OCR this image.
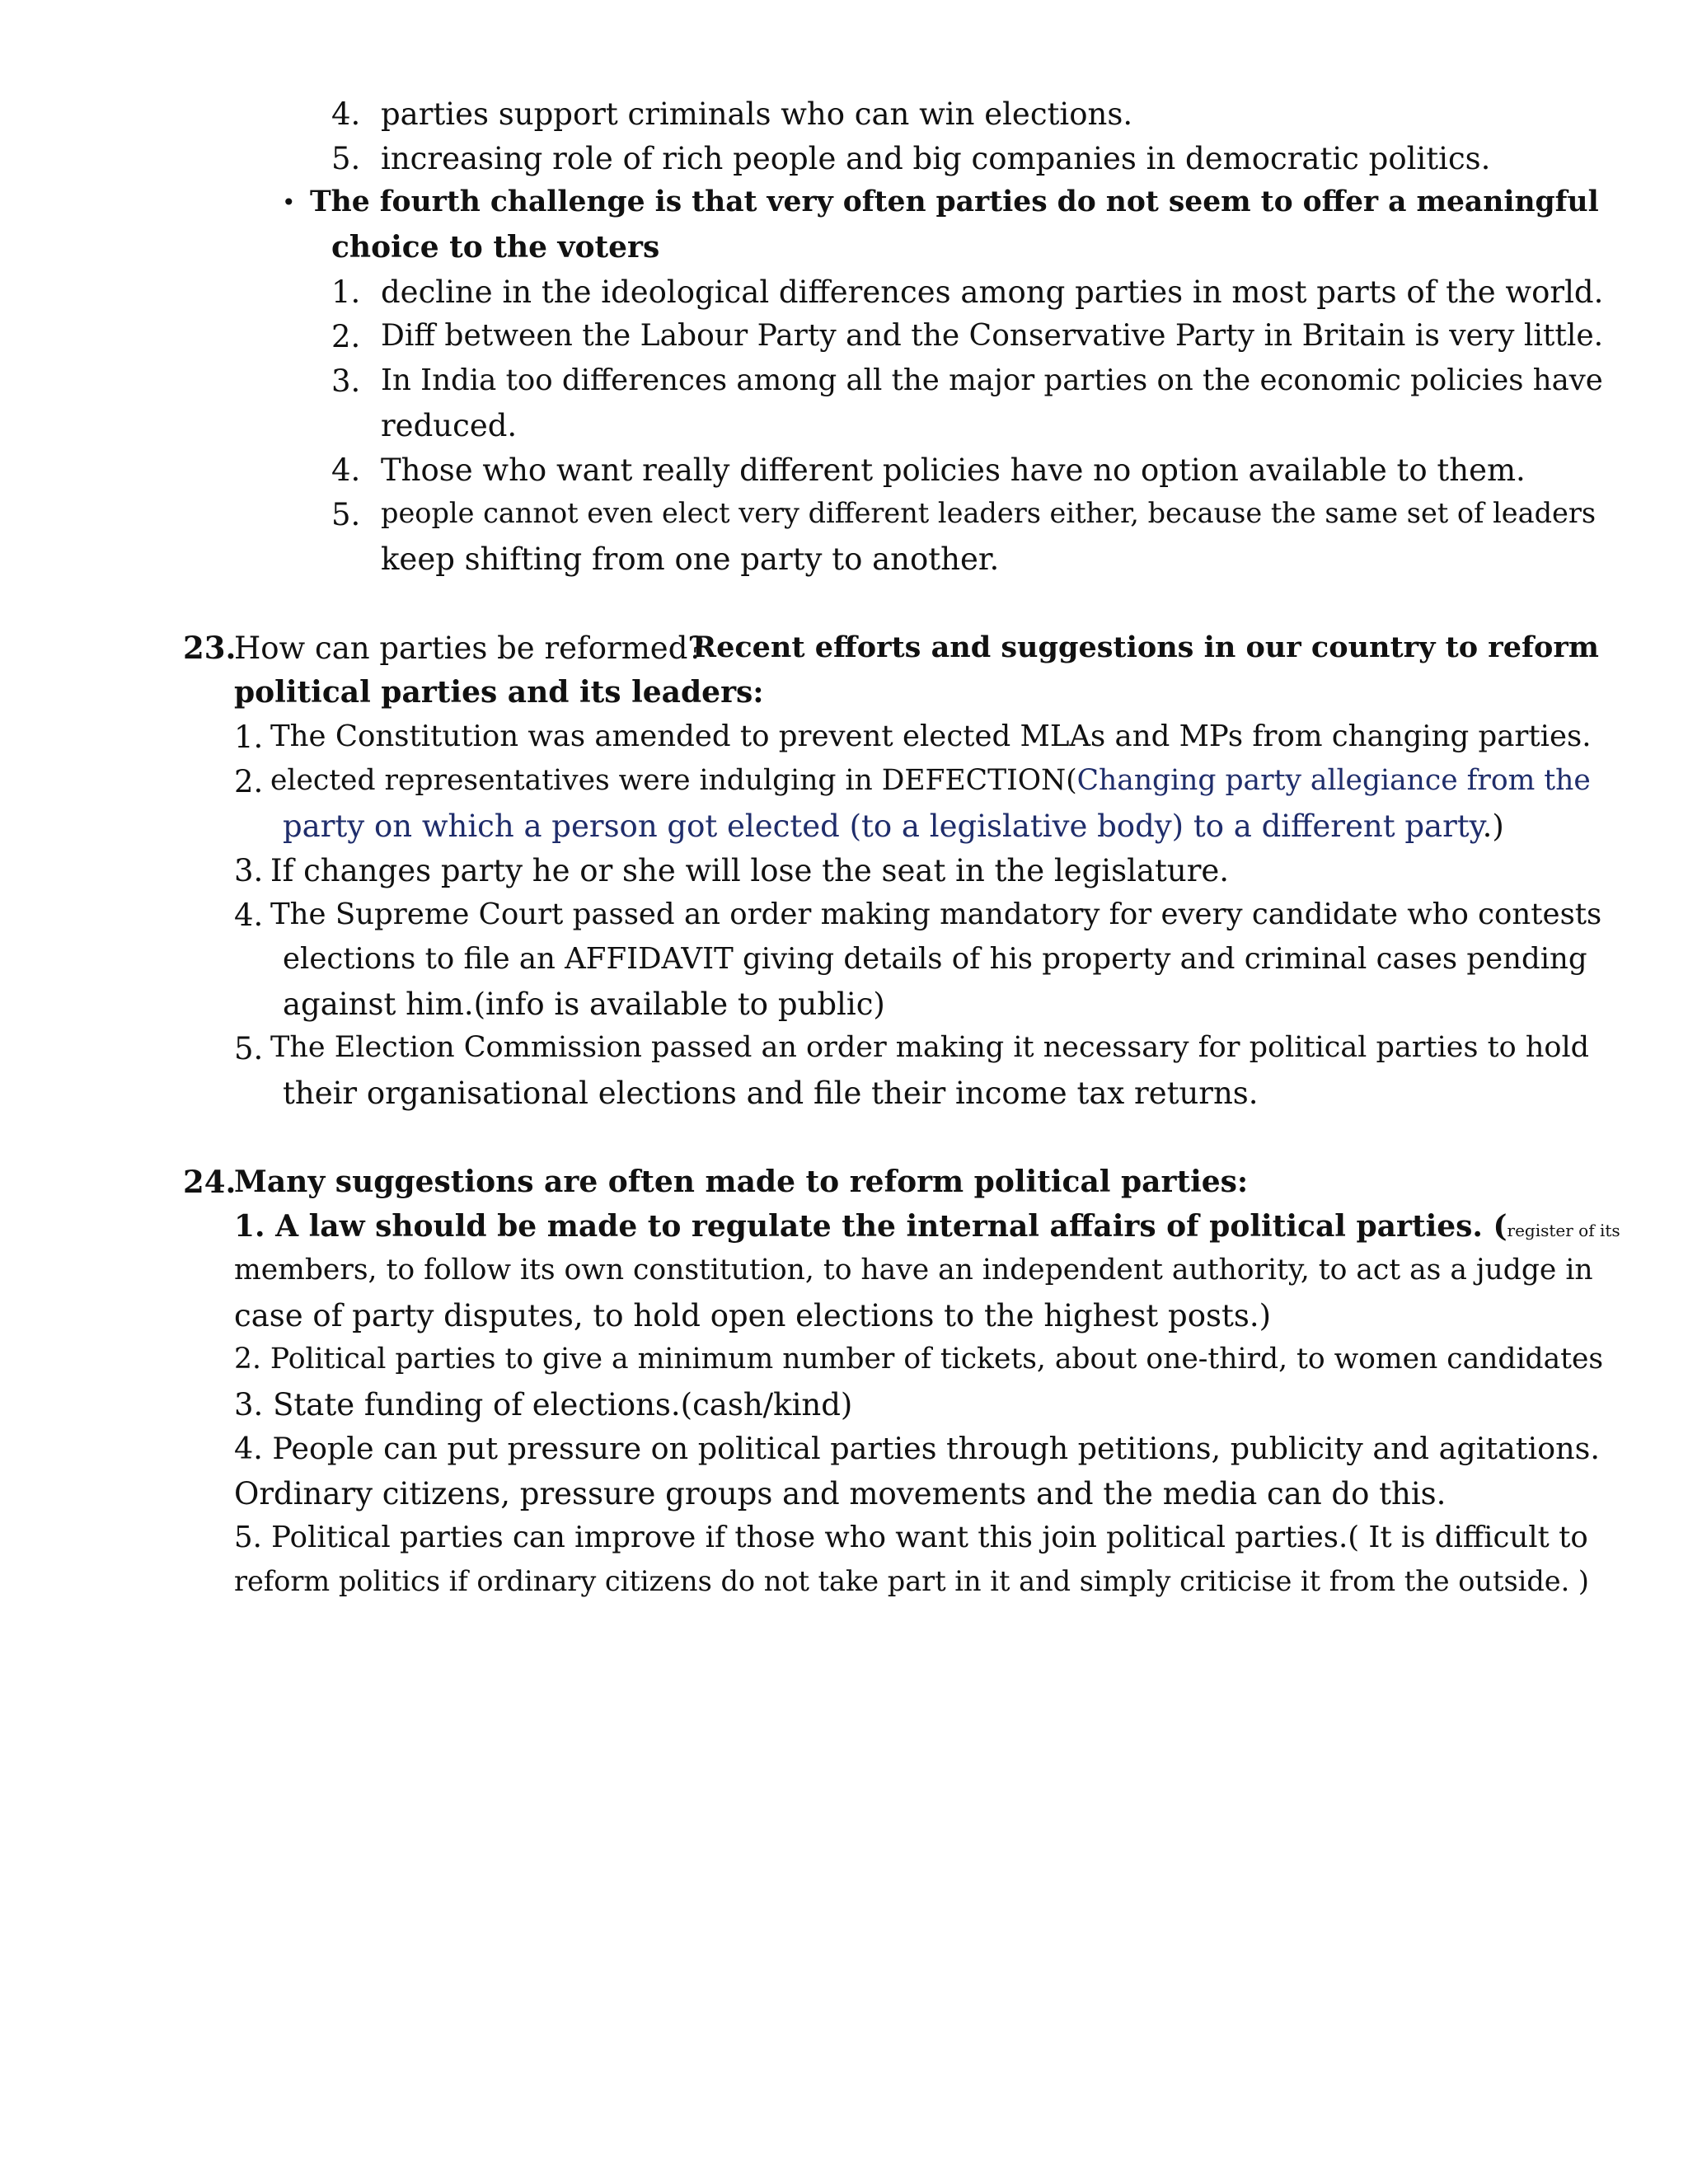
4. parties support criminals who can win elections.
5. increasing role of rich people and big companies in democratic politics.
• The fourth challenge is that very often parties do not seem to offer a meaningful
choice to the voters
1. decline in the ideological differences among parties in most parts of the world.
2. Diff between the Labour Party and the Conservative Party in Britain is very little.
3. In India too differences among all the major parties on the economic policies have
reduced.
4. Those who want really different policies have no option available to them.
5. people cannot even elect very different leaders either, because the same set of leaders
keep shifting from one party to another.
23.
How can parties be reformed?
Recent efforts and suggestions in our country to reform
political parties and its leaders:
1. The Constitution was amended to prevent elected MLAs and MPs from changing parties.
2. elected representatives were indulging in DEFECTION(Changing party allegiance from the
party on which a person got elected (to a legislative body) to a different party.)
3. If changes party he or she will lose the seat in the legislature.
4. The Supreme Court passed an order making mandatory for every candidate who contests
elections to file an AFFIDAVIT giving details of his property and criminal cases pending
against him.(info is available to public)
5. The Election Commission passed an order making it necessary for political parties to hold
their organisational elections and file their income tax returns.
24.
Many suggestions are often made to reform political parties:
1. A law should be made to regulate the internal affairs of political parties. (register of its
members, to follow its own constitution, to have an independent authority, to act as a judge in
case of party disputes, to hold open elections to the highest posts.)
2. Political parties to give a minimum number of tickets, about one-third, to women candidates
3. State funding of elections.(cash/kind)
4. People can put pressure on political parties through petitions, publicity and agitations.
Ordinary citizens, pressure groups and movements and the media can do this.
5. Political parties can improve if those who want this join political parties.( It is difficult to
reform politics if ordinary citizens do not take part in it and simply criticise it from the outside. )
